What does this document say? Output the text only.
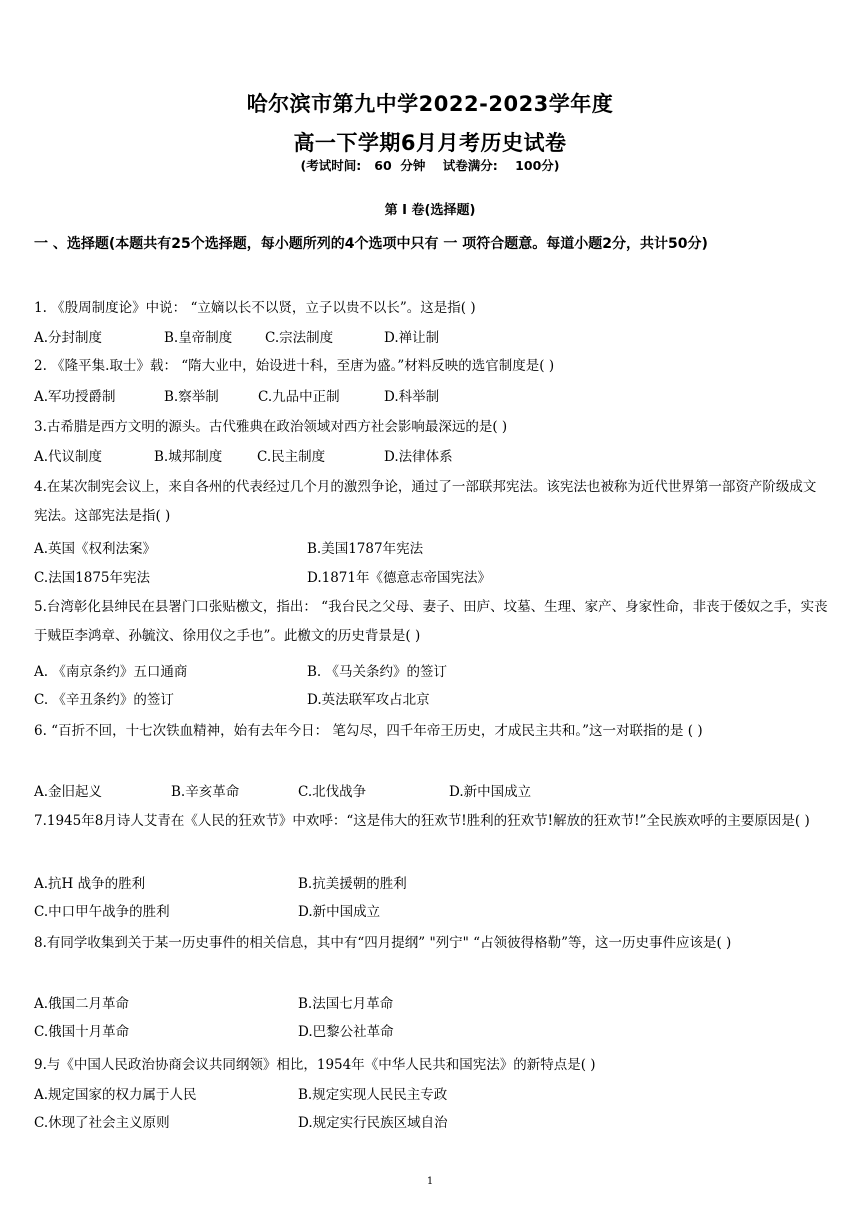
哈尔滨市第九中学2022-2023学年度
高一下学期6月月考历史试卷
(考试时间:   60  分钟    试卷满分:    100分)
第 I 卷(选择题)
一 、选择题(本题共有25个选择题，每小题所列的4个选项中只有 一 项符合题意。每道小题2分，共计50分)
1. 《殷周制度论》中说： “立嫡以长不以贤，立子以贵不以长”。这是指( )
A.分封制度	B.皇帝制度 C.宗法制度	D.禅让制
2. 《隆平集.取士》载： “隋大业中，始设进十科，至唐为盛。”材料反映的选官制度是( )
A.军功授爵制	B.察举制	C.九品中正制	D.科举制
3.古希腊是西方文明的源头。古代雅典在政治领域对西方社会影响最深远的是( )
A.代议制度	B.城邦制度	C.民主制度	D.法律体系
4.在某次制宪会议上，来自各州的代表经过几个月的激烈争论，通过了一部联邦宪法。该宪法也被称为近代世界第一部资产阶级成文宪法。这部宪法是指( )
A.英国《权利法案》	B.美国1787年宪法
C.法国1875年宪法	D.1871年《德意志帝国宪法》
5.台湾彰化县绅民在县署门口张贴檄文，指出： “我台民之父母、妻子、田庐、坟墓、生理、家产、身家性命，非丧于倭奴之手，实丧于贼臣李鸿章、孙毓汶、徐用仪之手也”。此檄文的历史背景是( )
A. 《南京条约》五口通商	B. 《马关条约》的签订
C. 《辛丑条约》的签订	D.英法联军攻占北京
6. “百折不回，十七次铁血精神，始有去年今日： 笔勾尽，四千年帝王历史，才成民主共和。”这一对联指的是 ( )
A.金旧起义	B.辛亥革命	C.北伐战争	D.新中国成立
7.1945年8月诗人艾青在《人民的狂欢节》中欢呼：“这是伟大的狂欢节!胜利的狂欢节!解放的狂欢节!”全民族欢呼的主要原因是( )
A.抗H 战争的胜利	B.抗美援朝的胜利
C.中口甲午战争的胜利	D.新中国成立
8.有同学收集到关于某一历史事件的相关信息，其中有“四月提纲” "列宁" “占领彼得格勒”等，这一历史事件应该是( )
A.俄国二月革命	B.法国七月革命
C.俄国十月革命	D.巴黎公社革命
9.与《中国人民政治协商会议共同纲领》相比，1954年《中华人民共和国宪法》的新特点是( )
A.规定国家的权力属于人民	B.规定实现人民民主专政
C.休现了社会主义原则	D.规定实行民族区域自治
1
